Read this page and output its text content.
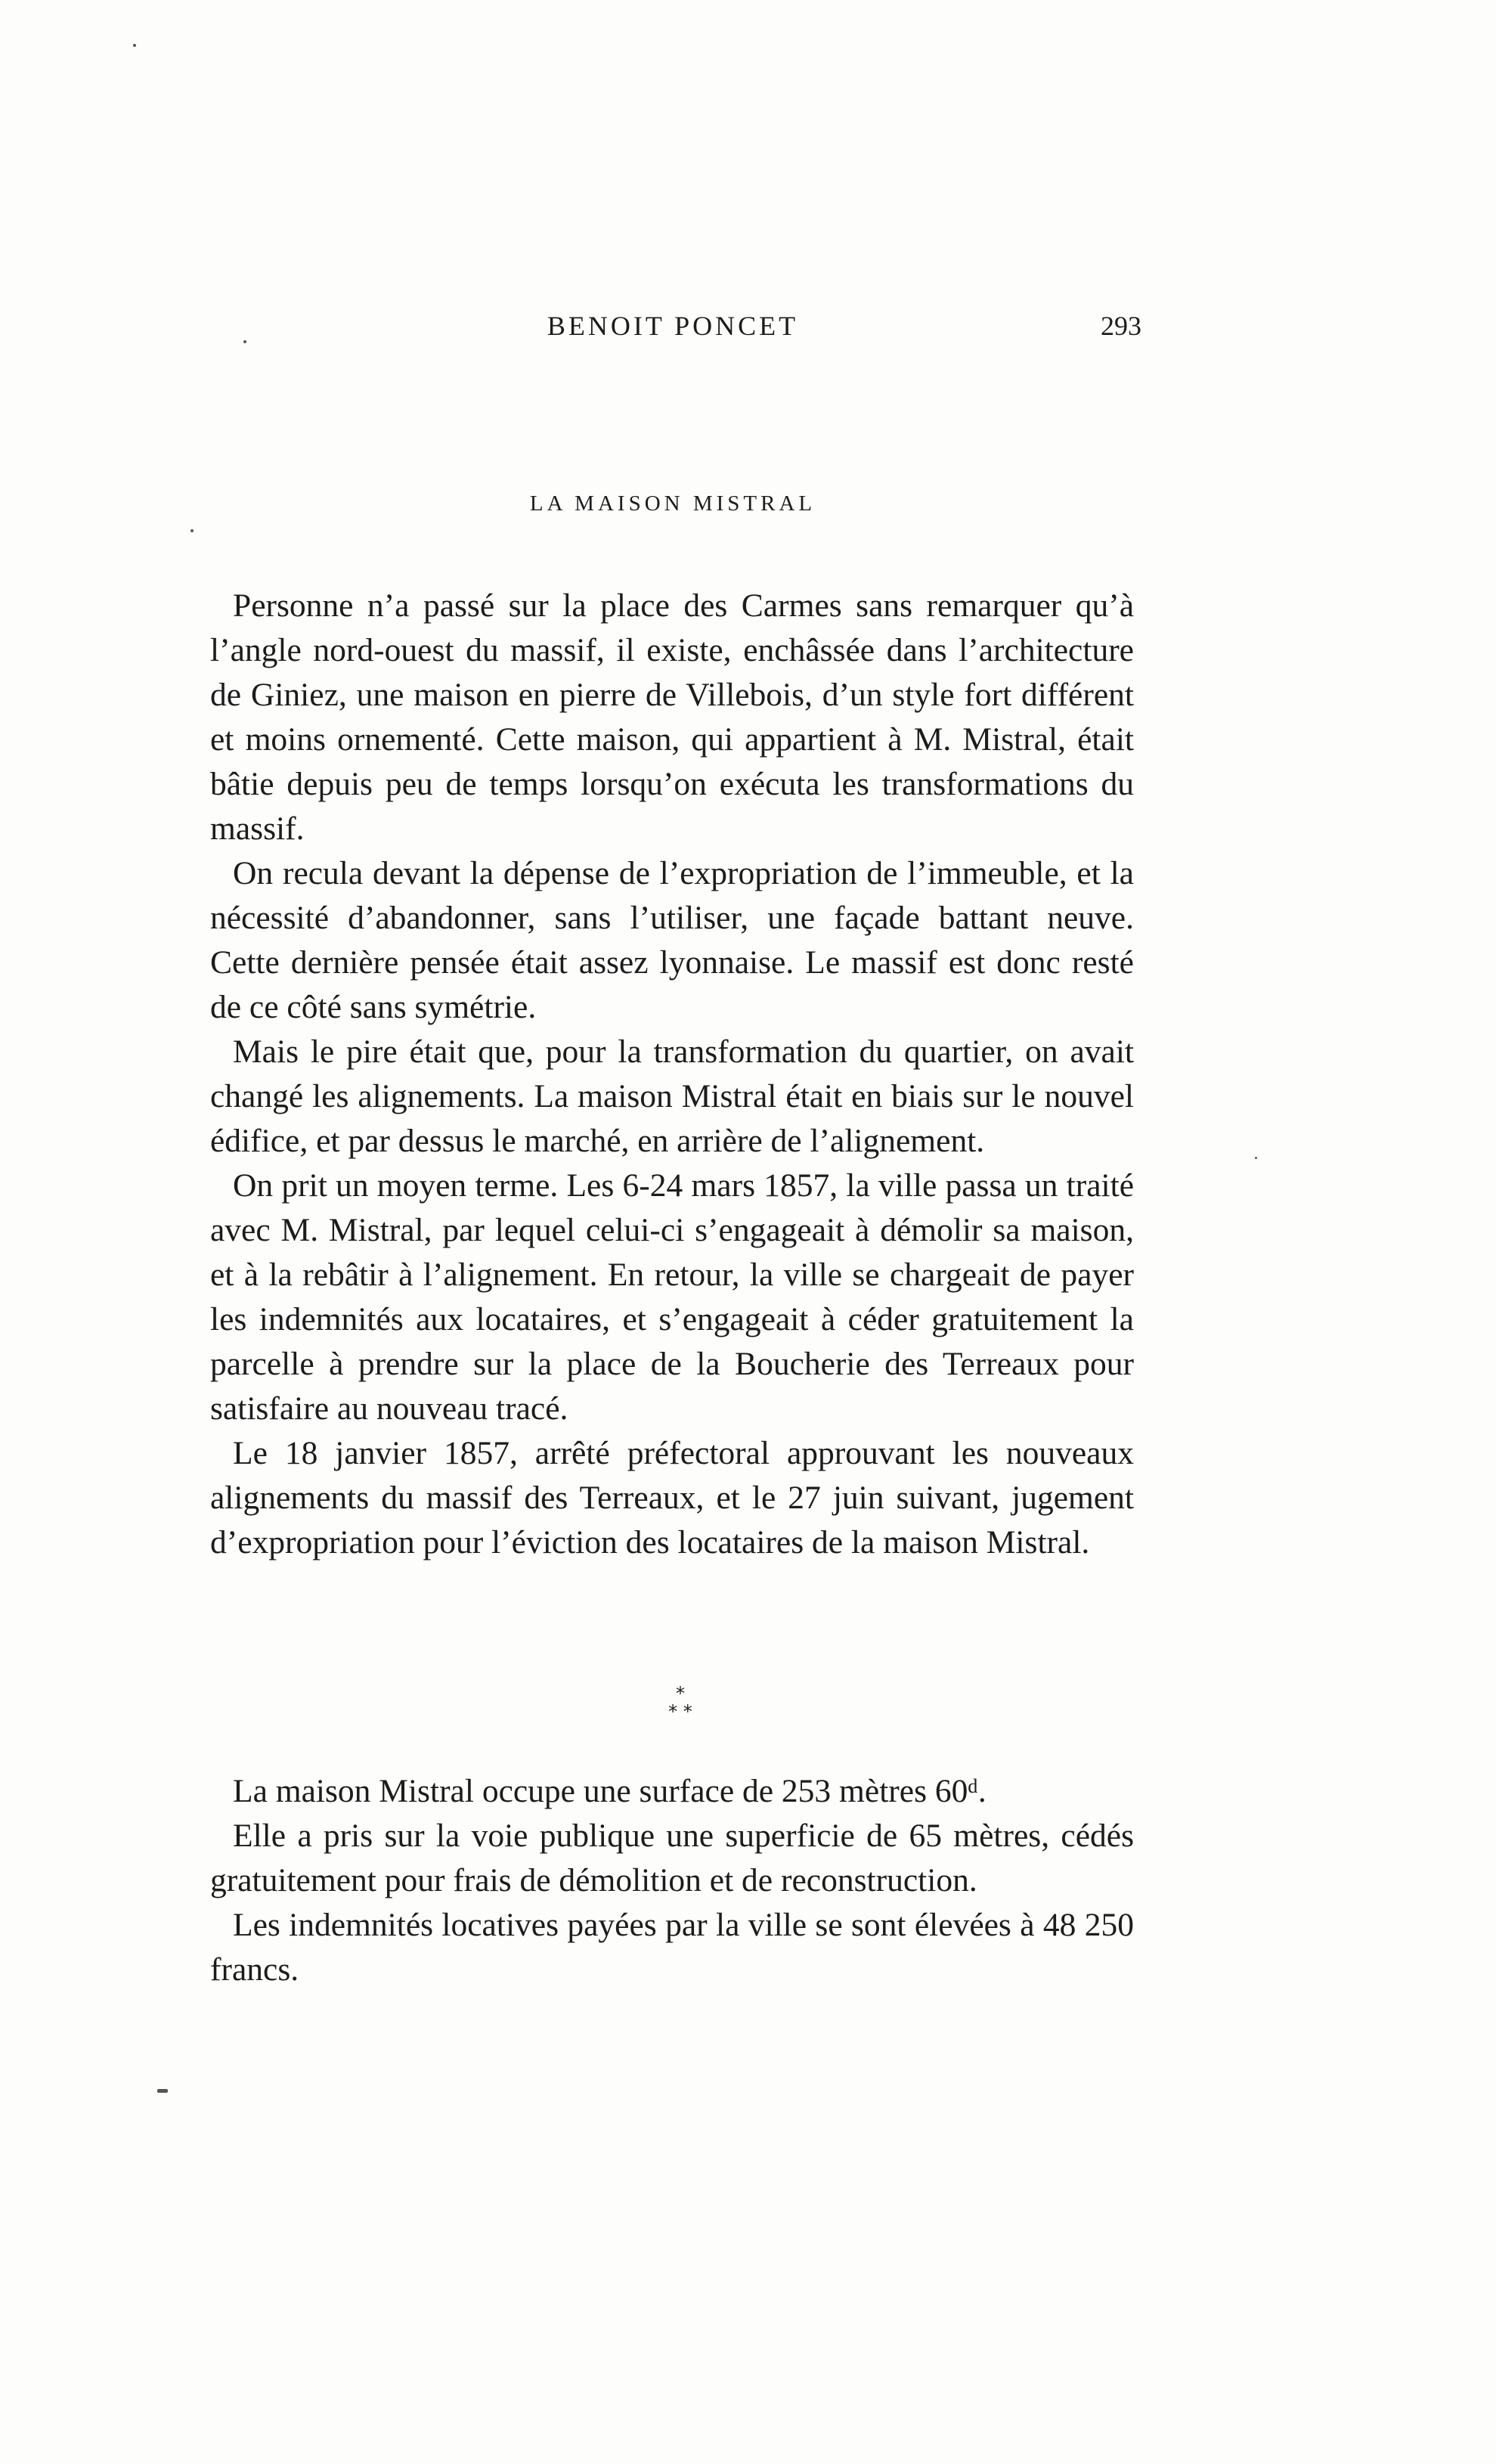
BENOIT PONCET	293
LA MAISON MISTRAL

Personne n’a passé sur la place des Carmes sans remarquer qu’à l’angle nord-ouest du massif, il existe, enchâssée dans l’architecture de Giniez, une maison en pierre de Villebois, d’un style fort différent et moins ornementé. Cette maison, qui appartient à M. Mistral, était bâtie depuis peu de temps lorsqu’on exécuta les transformations du massif.

On recula devant la dépense de l’expropriation de l’immeuble, et la nécessité d’abandonner, sans l’utiliser, une façade battant neuve. Cette dernière pensée était assez lyonnaise. Le massif est donc resté de ce côté sans symétrie.

Mais le pire était que, pour la transformation du quartier, on avait changé les alignements. La maison Mistral était en biais sur le nouvel édifice, et par dessus le marché, en arrière de l’alignement.

On prit un moyen terme. Les 6-24 mars 1857, la ville passa un traité avec M. Mistral, par lequel celui-ci s’engageait à démolir sa maison, et à la rebâtir à l’alignement. En retour, la ville se chargeait de payer les indemnités aux locataires, et s’engageait à céder gratuitement la parcelle à prendre sur la place de la Boucherie des Terreaux pour satisfaire au nouveau tracé.

Le 18 janvier 1857, arrêté préfectoral approuvant les nouveaux alignements du massif des Terreaux, et le 27 juin suivant, jugement d’expropriation pour l’éviction des locataires de la maison Mistral.

*
* *

La maison Mistral occupe une surface de 253 mètres 60ᵈ.

Elle a pris sur la voie publique une superficie de 65 mètres, cédés gratuitement pour frais de démolition et de reconstruction.

Les indemnités locatives payées par la ville se sont élevées à 48 250 francs.
